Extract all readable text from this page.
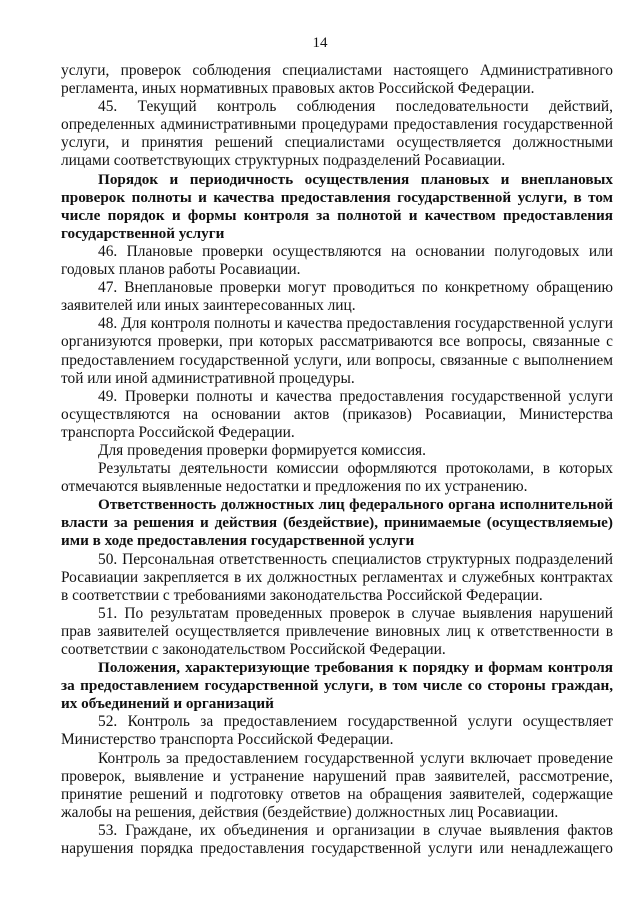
14

услуги, проверок соблюдения специалистами настоящего Административного регламента, иных нормативных правовых актов Российской Федерации.

45. Текущий контроль соблюдения последовательности действий, определенных административными процедурами предоставления государственной услуги, и принятия решений специалистами осуществляется должностными лицами соответствующих структурных подразделений Росавиации.

Порядок и периодичность осуществления плановых и внеплановых проверок полноты и качества предоставления государственной услуги, в том числе порядок и формы контроля за полнотой и качеством предоставления государственной услуги

46. Плановые проверки осуществляются на основании полугодовых или годовых планов работы Росавиации.

47. Внеплановые проверки могут проводиться по конкретному обращению заявителей или иных заинтересованных лиц.

48. Для контроля полноты и качества предоставления государственной услуги организуются проверки, при которых рассматриваются все вопросы, связанные с предоставлением государственной услуги, или вопросы, связанные с выполнением той или иной административной процедуры.

49. Проверки полноты и качества предоставления государственной услуги осуществляются на основании актов (приказов) Росавиации, Министерства транспорта Российской Федерации.

Для проведения проверки формируется комиссия.

Результаты деятельности комиссии оформляются протоколами, в которых отмечаются выявленные недостатки и предложения по их устранению.

Ответственность должностных лиц федерального органа исполнительной власти за решения и действия (бездействие), принимаемые (осуществляемые) ими в ходе предоставления государственной услуги

50. Персональная ответственность специалистов структурных подразделений Росавиации закрепляется в их должностных регламентах и служебных контрактах в соответствии с требованиями законодательства Российской Федерации.

51. По результатам проведенных проверок в случае выявления нарушений прав заявителей осуществляется привлечение виновных лиц к ответственности в соответствии с законодательством Российской Федерации.

Положения, характеризующие требования к порядку и формам контроля за предоставлением государственной услуги, в том числе со стороны граждан, их объединений и организаций

52. Контроль за предоставлением государственной услуги осуществляет Министерство транспорта Российской Федерации.

Контроль за предоставлением государственной услуги включает проведение проверок, выявление и устранение нарушений прав заявителей, рассмотрение, принятие решений и подготовку ответов на обращения заявителей, содержащие жалобы на решения, действия (бездействие) должностных лиц Росавиации.

53. Граждане, их объединения и организации в случае выявления фактов нарушения порядка предоставления государственной услуги или ненадлежащего
